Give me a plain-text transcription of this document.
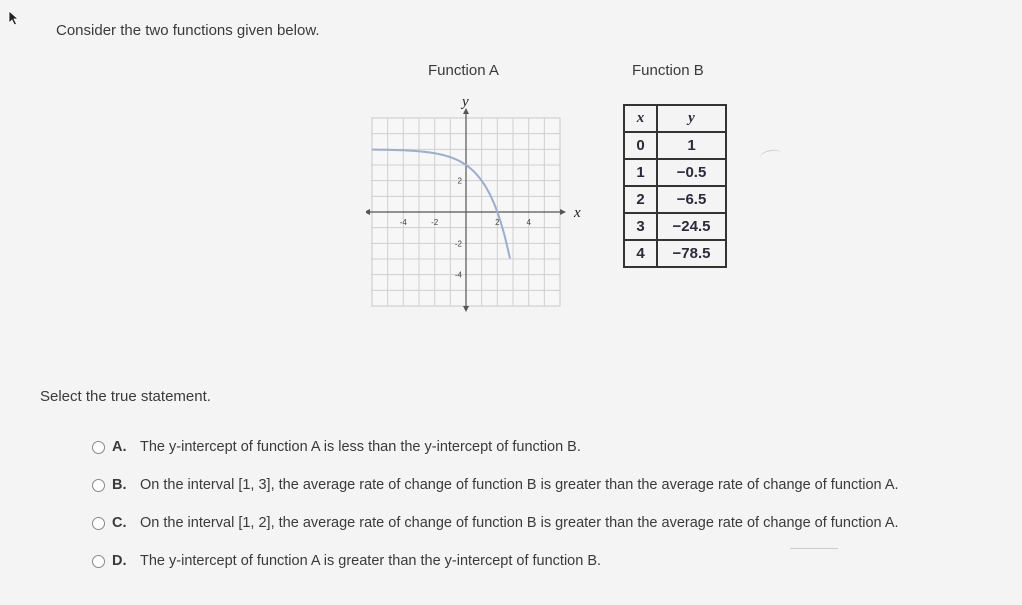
Consider the two functions given below.
Function A	Function B
x
y
-4	-2	2	4
2
-2
-4
x	y
0	1
1	−0.5
2	−6.5
3	−24.5
4	−78.5
Select the true statement.
A. The y-intercept of function A is less than the y-intercept of function B.
B. On the interval [1, 3], the average rate of change of function B is greater than the average rate of change of function A.
C. On the interval [1, 2], the average rate of change of function B is greater than the average rate of change of function A.
D. The y-intercept of function A is greater than the y-intercept of function B.
